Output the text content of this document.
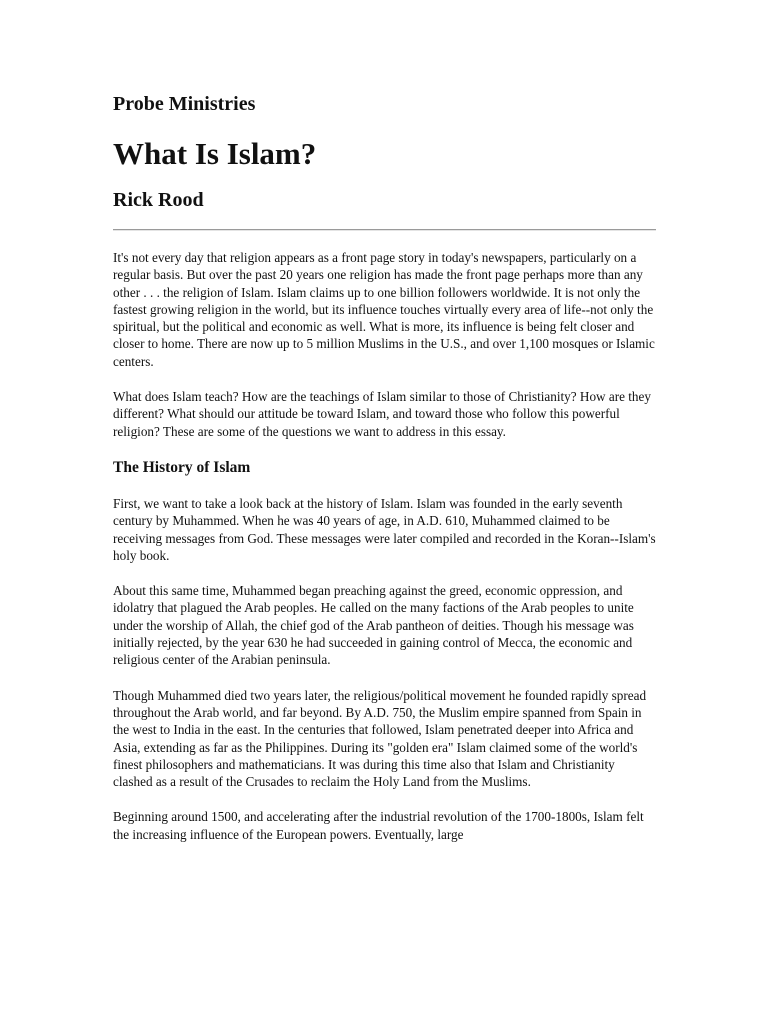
Probe Ministries
What Is Islam?
Rick Rood

It's not every day that religion appears as a front page story in today's newspapers, particularly on a regular basis. But over the past 20 years one religion has made the front page perhaps more than any other . . . the religion of Islam. Islam claims up to one billion followers worldwide. It is not only the fastest growing religion in the world, but its influence touches virtually every area of life--not only the spiritual, but the political and economic as well. What is more, its influence is being felt closer and closer to home. There are now up to 5 million Muslims in the U.S., and over 1,100 mosques or Islamic centers.

What does Islam teach? How are the teachings of Islam similar to those of Christianity? How are they different? What should our attitude be toward Islam, and toward those who follow this powerful religion? These are some of the questions we want to address in this essay.

The History of Islam

First, we want to take a look back at the history of Islam. Islam was founded in the early seventh century by Muhammed. When he was 40 years of age, in A.D. 610, Muhammed claimed to be receiving messages from God. These messages were later compiled and recorded in the Koran--Islam's holy book.

About this same time, Muhammed began preaching against the greed, economic oppression, and idolatry that plagued the Arab peoples. He called on the many factions of the Arab peoples to unite under the worship of Allah, the chief god of the Arab pantheon of deities. Though his message was initially rejected, by the year 630 he had succeeded in gaining control of Mecca, the economic and religious center of the Arabian peninsula.

Though Muhammed died two years later, the religious/political movement he founded rapidly spread throughout the Arab world, and far beyond. By A.D. 750, the Muslim empire spanned from Spain in the west to India in the east. In the centuries that followed, Islam penetrated deeper into Africa and Asia, extending as far as the Philippines. During its "golden era" Islam claimed some of the world's finest philosophers and mathematicians. It was during this time also that Islam and Christianity clashed as a result of the Crusades to reclaim the Holy Land from the Muslims.

Beginning around 1500, and accelerating after the industrial revolution of the 1700-1800s, Islam felt the increasing influence of the European powers. Eventually, large
